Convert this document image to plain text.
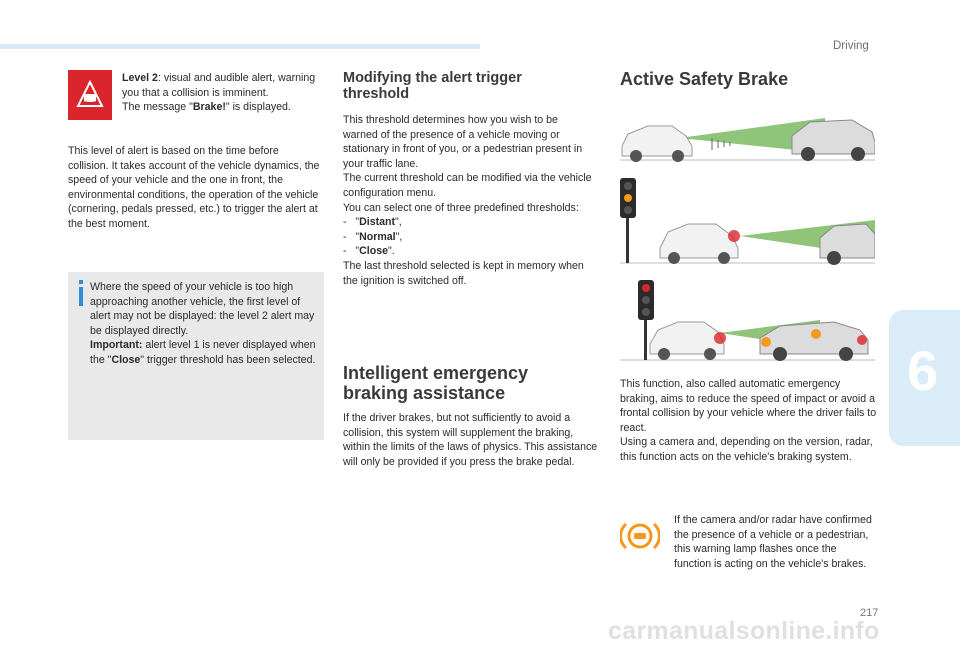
Driving

Level 2: visual and audible alert, warning you that a collision is imminent.
The message "Brake!" is displayed.

This level of alert is based on the time before collision. It takes account of the vehicle dynamics, the speed of your vehicle and the one in front, the environmental conditions, the operation of the vehicle (cornering, pedals pressed, etc.) to trigger the alert at the best moment.

Where the speed of your vehicle is too high approaching another vehicle, the first level of alert may not be displayed: the level 2 alert may be displayed directly.
Important: alert level 1 is never displayed when the "Close" trigger threshold has been selected.

Modifying the alert trigger threshold

This threshold determines how you wish to be warned of the presence of a vehicle moving or stationary in front of you, or a pedestrian present in your traffic lane.

The current threshold can be modified via the vehicle configuration menu.

You can select one of three predefined thresholds:

-   "Distant",
-   "Normal",
-   "Close".

The last threshold selected is kept in memory when the ignition is switched off.

Intelligent emergency braking assistance

If the driver brakes, but not sufficiently to avoid a collision, this system will supplement the braking, within the limits of the laws of physics. This assistance will only be provided if you press the brake pedal.

Active Safety Brake

This function, also called automatic emergency braking, aims to reduce the speed of impact or avoid a frontal collision by your vehicle where the driver fails to react.

Using a camera and, depending on the version, radar, this function acts on the vehicle's braking system.

If the camera and/or radar have confirmed the presence of a vehicle or a pedestrian, this warning lamp flashes once the function is acting on the vehicle's brakes.

6
217
carmanualsonline.info
